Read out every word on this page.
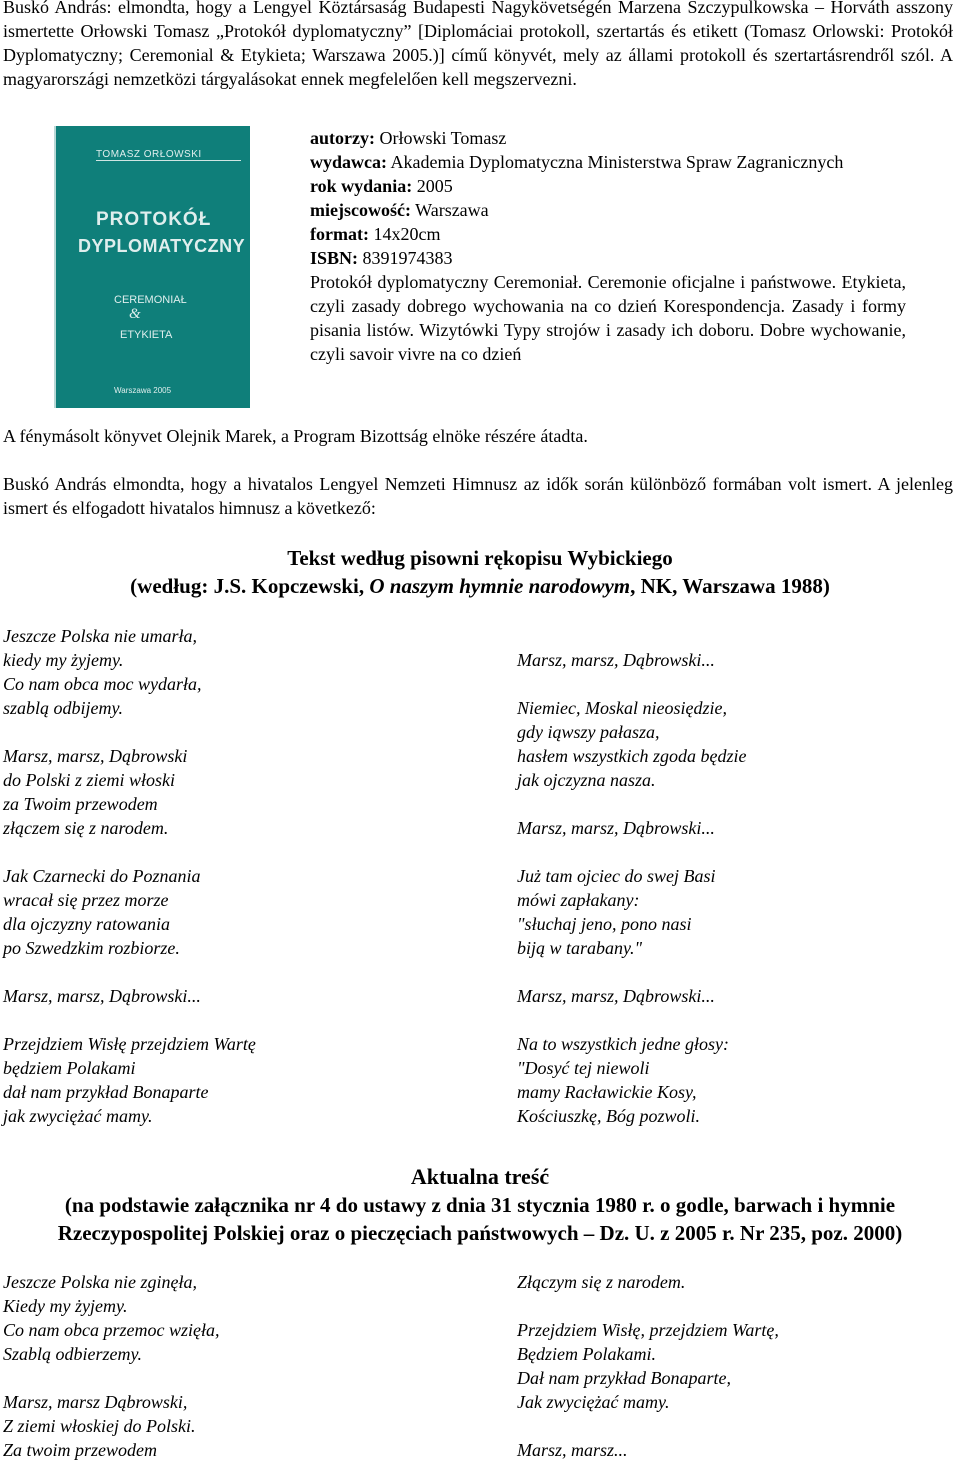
Buskó András: elmondta, hogy a Lengyel Köztársaság Budapesti Nagykövetségén Marzena Szczypulkowska – Horváth asszony ismertette Orłowski Tomasz „Protokół dyplomatyczny” [Diplomáciai protokoll, szertartás és etikett (Tomasz Orlowski: Protokół Dyplomatyczny; Ceremonial & Etykieta; Warszawa 2005.)] című könyvét, mely az állami protokoll és szertartásrendről szól. A magyarországi nemzetközi tárgyalásokat ennek megfelelően kell megszervezni.

TOMASZ ORŁOWSKI
PROTOKÓŁ
DYPLOMATYCZNY
CEREMONIAŁ
&
ETYKIETA
Warszawa 2005
autorzy: Orłowski Tomasz
wydawca: Akademia Dyplomatyczna Ministerstwa Spraw Zagranicznych
rok wydania: 2005
miejscowość: Warszawa
format: 14x20cm
ISBN: 8391974383
Protokół dyplomatyczny Ceremoniał. Ceremonie oficjalne i państwowe. Etykieta, czyli zasady dobrego wychowania na co dzień Korespondencja. Zasady i formy pisania listów. Wizytówki Typy strojów i zasady ich doboru. Dobre wychowanie, czyli savoir vivre na co dzień
A fénymásolt könyvet Olejnik Marek, a Program Bizottság elnöke részére átadta.
Buskó András elmondta, hogy a hivatalos Lengyel Nemzeti Himnusz az idők során különböző formában volt ismert. A jelenleg ismert és elfogadott hivatalos himnusz a következő:
Tekst według pisowni rękopisu Wybickiego
(według: J.S. Kopczewski, O naszym hymnie narodowym, NK, Warszawa 1988)
Jeszcze Polska nie umarła,
kiedy my żyjemy.
Co nam obca moc wydarła,
szablą odbijemy.
Marsz, marsz, Dąbrowski
do Polski z ziemi włoski
za Twoim przewodem
złączem się z narodem.
Jak Czarnecki do Poznania
wracał się przez morze
dla ojczyzny ratowania
po Szwedzkim rozbiorze.
Marsz, marsz, Dąbrowski...
Przejdziem Wisłę przejdziem Wartę
będziem Polakami
dał nam przykład Bonaparte
jak zwyciężać mamy.
Marsz, marsz, Dąbrowski...
Niemiec, Moskal nieosiędzie,
gdy iąwszy pałasza,
hasłem wszystkich zgoda będzie
jak ojczyzna nasza.
Marsz, marsz, Dąbrowski...
Już tam ojciec do swej Basi
mówi zapłakany:
"słuchaj jeno, pono nasi
biją w tarabany."
Marsz, marsz, Dąbrowski...
Na to wszystkich jedne głosy:
"Dosyć tej niewoli
mamy Racławickie Kosy,
Kościuszkę, Bóg pozwoli.
Aktualna treść
(na podstawie załącznika nr 4 do ustawy z dnia 31 stycznia 1980 r. o godle, barwach i hymnie
Rzeczypospolitej Polskiej oraz o pieczęciach państwowych – Dz. U. z 2005 r. Nr 235, poz. 2000)
Jeszcze Polska nie zginęła,
Kiedy my żyjemy.
Co nam obca przemoc wzięła,
Szablą odbierzemy.
Marsz, marsz Dąbrowski,
Z ziemi włoskiej do Polski.
Za twoim przewodem
Złączym się z narodem.
Przejdziem Wisłę, przejdziem Wartę,
Będziem Polakami.
Dał nam przykład Bonaparte,
Jak zwyciężać mamy.
Marsz, marsz...
